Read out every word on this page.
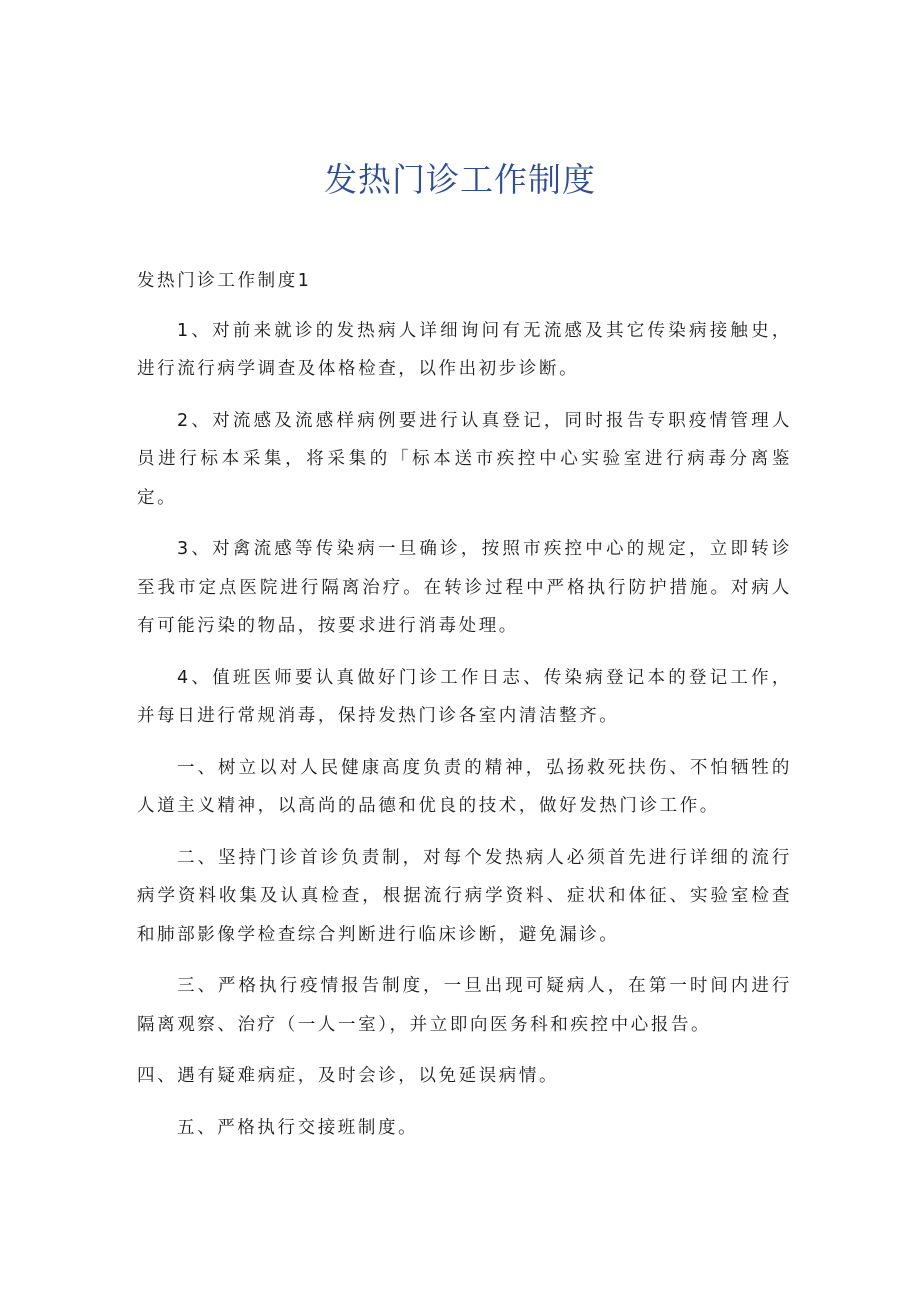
发热门诊工作制度

发热门诊工作制度1

1、对前来就诊的发热病人详细询问有无流感及其它传染病接触史，进行流行病学调查及体格检查，以作出初步诊断。

2、对流感及流感样病例要进行认真登记，同时报告专职疫情管理人员进行标本采集，将采集的「标本送市疾控中心实验室进行病毒分离鉴定。

3、对禽流感等传染病一旦确诊，按照市疾控中心的规定，立即转诊至我市定点医院进行隔离治疗。在转诊过程中严格执行防护措施。对病人有可能污染的物品，按要求进行消毒处理。

4、值班医师要认真做好门诊工作日志、传染病登记本的登记工作，并每日进行常规消毒，保持发热门诊各室内清洁整齐。

一、树立以对人民健康高度负责的精神，弘扬救死扶伤、不怕牺牲的人道主义精神，以高尚的品德和优良的技术，做好发热门诊工作。

二、坚持门诊首诊负责制，对每个发热病人必须首先进行详细的流行病学资料收集及认真检查，根据流行病学资料、症状和体征、实验室检查和肺部影像学检查综合判断进行临床诊断，避免漏诊。

三、严格执行疫情报告制度，一旦出现可疑病人，在第一时间内进行隔离观察、治疗（一人一室），并立即向医务科和疾控中心报告。

四、遇有疑难病症，及时会诊，以免延误病情。

五、严格执行交接班制度。
